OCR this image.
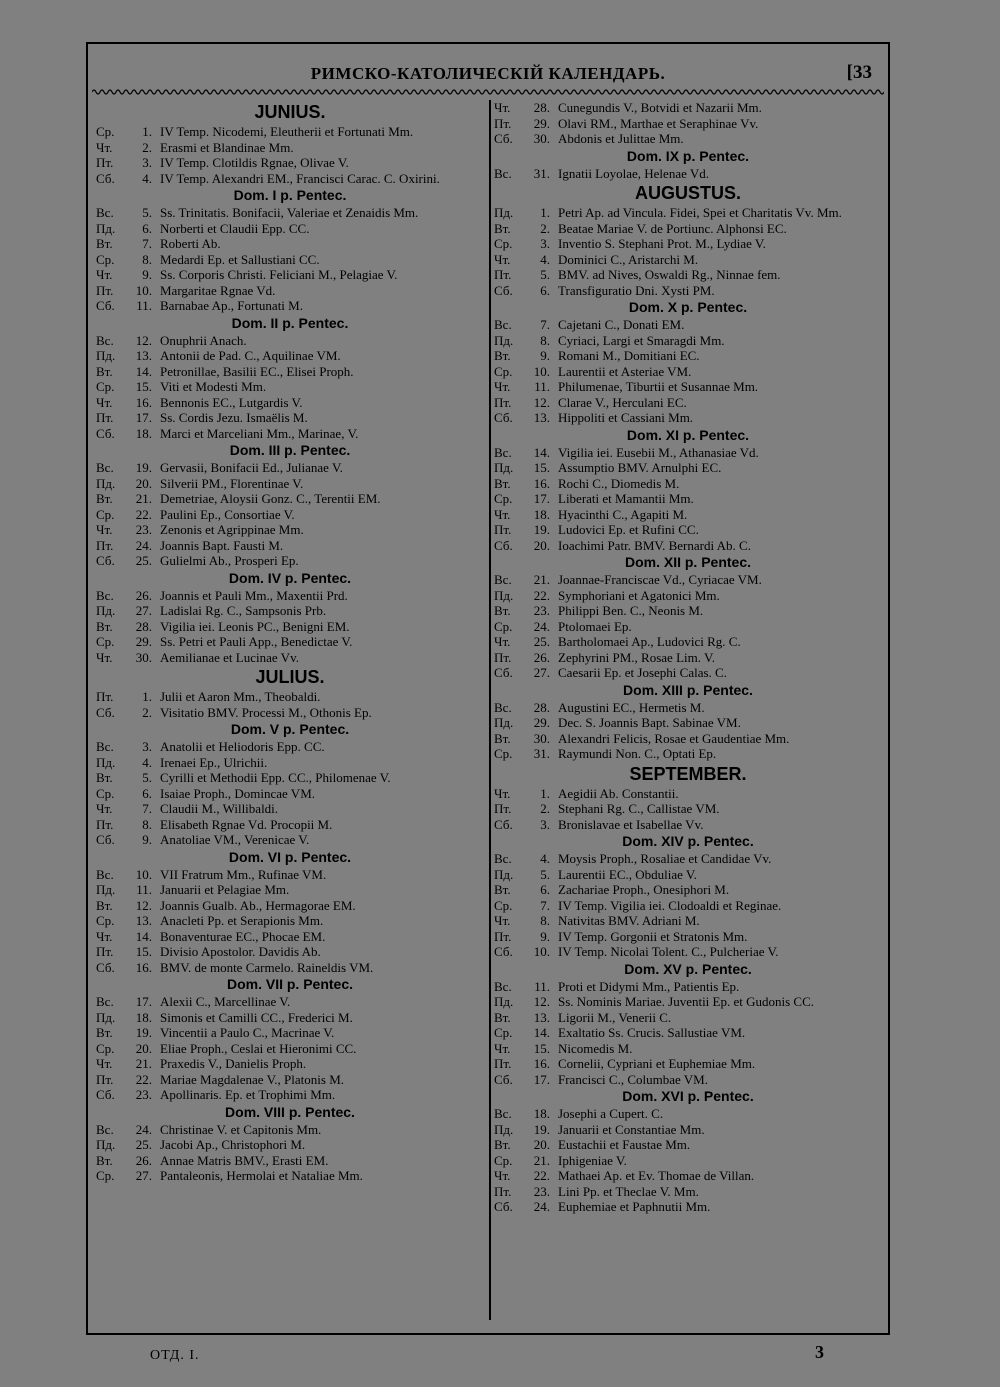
РИМСКО-КАТОЛИЧЕСКIЙ КАЛЕНДАРЬ.	[33
JUNIUS.
Ср.	1. IV Temp. Nicodemi, Eleutherii et Fortunati Mm.
Чт.	2. Erasmi et Blandinae Mm.
Пт.	3. IV Temp. Clotildis Rgnae, Olivae V.
Сб.	4. IV Temp. Alexandri EM., Francisci Carac. C. Oxirini.
Dom. I p. Pentec.
Вс.	5. Ss. Trinitatis. Bonifacii, Valeriae et Zenaidis Mm.
Пд.	6. Norberti et Claudii Epp. CC.
Вт.	7. Roberti Ab.
Ср.	8. Medardi Ep. et Sallustiani CC.
Чт.	9. Ss. Corporis Christi. Feliciani M., Pelagiae V.
Пт.	10. Margaritae Rgnae Vd.
Сб.	11. Barnabae Ap., Fortunati M.
Dom. II p. Pentec.
Вс.	12. Onuphrii Anach.
Пд.	13. Antonii de Pad. C., Aquilinae VM.
Вт.	14. Petronillae, Basilii EC., Elisei Proph.
Ср.	15. Viti et Modesti Mm.
Чт.	16. Bennonis EC., Lutgardis V.
Пт.	17. Ss. Cordis Jezu. Ismaëlis M.
Сб.	18. Marci et Marceliani Mm., Marinae, V.
Dom. III p. Pentec.
Вс.	19. Gervasii, Bonifacii Ed., Julianae V.
Пд.	20. Silverii PM., Florentinae V.
Вт.	21. Demetriae, Aloysii Gonz. C., Terentii EM.
Ср.	22. Paulini Ep., Consortiae V.
Чт.	23. Zenonis et Agrippinae Mm.
Пт.	24. Joannis Bapt. Fausti M.
Сб.	25. Gulielmi Ab., Prosperi Ep.
Dom. IV p. Pentec.
Вс.	26. Joannis et Pauli Mm., Maxentii Prd.
Пд.	27. Ladislai Rg. C., Sampsonis Prb.
Вт.	28. Vigilia iei. Leonis PC., Benigni EM.
Ср.	29. Ss. Petri et Pauli App., Benedictae V.
Чт.	30. Aemilianae et Lucinae Vv.
JULIUS.
Пт.	1. Julii et Aaron Mm., Theobaldi.
Сб.	2. Visitatio BMV. Processi M., Othonis Ep.
Dom. V p. Pentec.
Вс.	3. Anatolii et Heliodoris Epp. CC.
Пд.	4. Irenaei Ep., Ulrichii.
Вт.	5. Cyrilli et Methodii Epp. CC., Philomenae V.
Ср.	6. Isaiae Proph., Domincae VM.
Чт.	7. Claudii M., Willibaldi.
Пт.	8. Elisabeth Rgnae Vd. Procopii M.
Сб.	9. Anatoliae VM., Verenicae V.
Dom. VI p. Pentec.
Вс.	10. VII Fratrum Mm., Rufinae VM.
Пд.	11. Januarii et Pelagiae Mm.
Вт.	12. Joannis Gualb. Ab., Hermagorae EM.
Ср.	13. Anacleti Pp. et Serapionis Mm.
Чт.	14. Bonaventurae EC., Phocae EM.
Пт.	15. Divisio Apostolor. Davidis Ab.
Сб.	16. BMV. de monte Carmelo. Raineldis VM.
Dom. VII p. Pentec.
Вс.	17. Alexii C., Marcellinae V.
Пд.	18. Simonis et Camilli CC., Frederici M.
Вт.	19. Vincentii a Paulo C., Macrinae V.
Ср.	20. Eliae Proph., Ceslai et Hieronimi CC.
Чт.	21. Praxedis V., Danielis Proph.
Пт.	22. Mariae Magdalenae V., Platonis M.
Сб.	23. Apollinaris. Ep. et Trophimi Mm.
Dom. VIII p. Pentec.
Вс.	24. Christinae V. et Capitonis Mm.
Пд.	25. Jacobi Ap., Christophori M.
Вт.	26. Annae Matris BMV., Erasti EM.
Ср.	27. Pantaleonis, Hermolai et Nataliae Mm.
Чт.	28. Cunegundis V., Botvidi et Nazarii Mm.
Пт.	29. Olavi RM., Marthae et Seraphinae Vv.
Сб.	30. Abdonis et Julittae Mm.
Dom. IX p. Pentec.
Вс.	31. Ignatii Loyolae, Helenae Vd.
AUGUSTUS.
Пд.	1. Petri Ap. ad Vincula. Fidei, Spei et Charitatis Vv. Mm.
Вт.	2. Beatae Mariae V. de Portiunc. Alphonsi EC.
Ср.	3. Inventio S. Stephani Prot. M., Lydiae V.
Чт.	4. Dominici C., Aristarchi M.
Пт.	5. BMV. ad Nives, Oswaldi Rg., Ninnae fem.
Сб.	6. Transfiguratio Dni. Xysti PM.
Dom. X p. Pentec.
Вс.	7. Cajetani C., Donati EM.
Пд.	8. Cyriaci, Largi et Smaragdi Mm.
Вт.	9. Romani M., Domitiani EC.
Ср.	10. Laurentii et Asteriae VM.
Чт.	11. Philumenae, Tiburtii et Susannae Mm.
Пт.	12. Clarae V., Herculani EC.
Сб.	13. Hippoliti et Cassiani Mm.
Dom. XI p. Pentec.
Вс.	14. Vigilia iei. Eusebii M., Athanasiae Vd.
Пд.	15. Assumptio BMV. Arnulphi EC.
Вт.	16. Rochi C., Diomedis M.
Ср.	17. Liberati et Mamantii Mm.
Чт.	18. Hyacinthi C., Agapiti M.
Пт.	19. Ludovici Ep. et Rufini CC.
Сб.	20. Ioachimi Patr. BMV. Bernardi Ab. C.
Dom. XII p. Pentec.
Вс.	21. Joannae-Franciscae Vd., Cyriacae VM.
Пд.	22. Symphoriani et Agatonici Mm.
Вт.	23. Philippi Ben. C., Neonis M.
Ср.	24. Ptolomaei Ep.
Чт.	25. Bartholomaei Ap., Ludovici Rg. C.
Пт.	26. Zephyrini PM., Rosae Lim. V.
Сб.	27. Caesarii Ep. et Josephi Calas. C.
Dom. XIII p. Pentec.
Вс.	28. Augustini EC., Hermetis M.
Пд.	29. Dec. S. Joannis Bapt. Sabinae VM.
Вт.	30. Alexandri Felicis, Rosae et Gaudentiae Mm.
Ср.	31. Raymundi Non. C., Optati Ep.
SEPTEMBER.
Чт.	1. Aegidii Ab. Constantii.
Пт.	2. Stephani Rg. C., Callistae VM.
Сб.	3. Bronislavae et Isabellae Vv.
Dom. XIV p. Pentec.
Вс.	4. Moysis Proph., Rosaliae et Candidae Vv.
Пд.	5. Laurentii EC., Obduliae V.
Вт.	6. Zachariae Proph., Onesiphori M.
Ср.	7. IV Temp. Vigilia iei. Clodoaldi et Reginae.
Чт.	8. Nativitas BMV. Adriani M.
Пт.	9. IV Temp. Gorgonii et Stratonis Mm.
Сб.	10. IV Temp. Nicolai Tolent. C., Pulcheriae V.
Dom. XV p. Pentec.
Вс.	11. Proti et Didymi Mm., Patientis Ep.
Пд.	12. Ss. Nominis Mariae. Juventii Ep. et Gudonis CC.
Вт.	13. Ligorii M., Venerii C.
Ср.	14. Exaltatio Ss. Crucis. Sallustiae VM.
Чт.	15. Nicomedis M.
Пт.	16. Cornelii, Cypriani et Euphemiae Mm.
Сб.	17. Francisci C., Columbae VM.
Dom. XVI p. Pentec.
Вс.	18. Josephi a Cupert. C.
Пд.	19. Januarii et Constantiae Mm.
Вт.	20. Eustachii et Faustae Mm.
Ср.	21. Iphigeniae V.
Чт.	22. Mathaei Ap. et Ev. Thomae de Villan.
Пт.	23. Lini Pp. et Theclae V. Mm.
Сб.	24. Euphemiae et Paphnutii Mm.
ОТД. I.	3
